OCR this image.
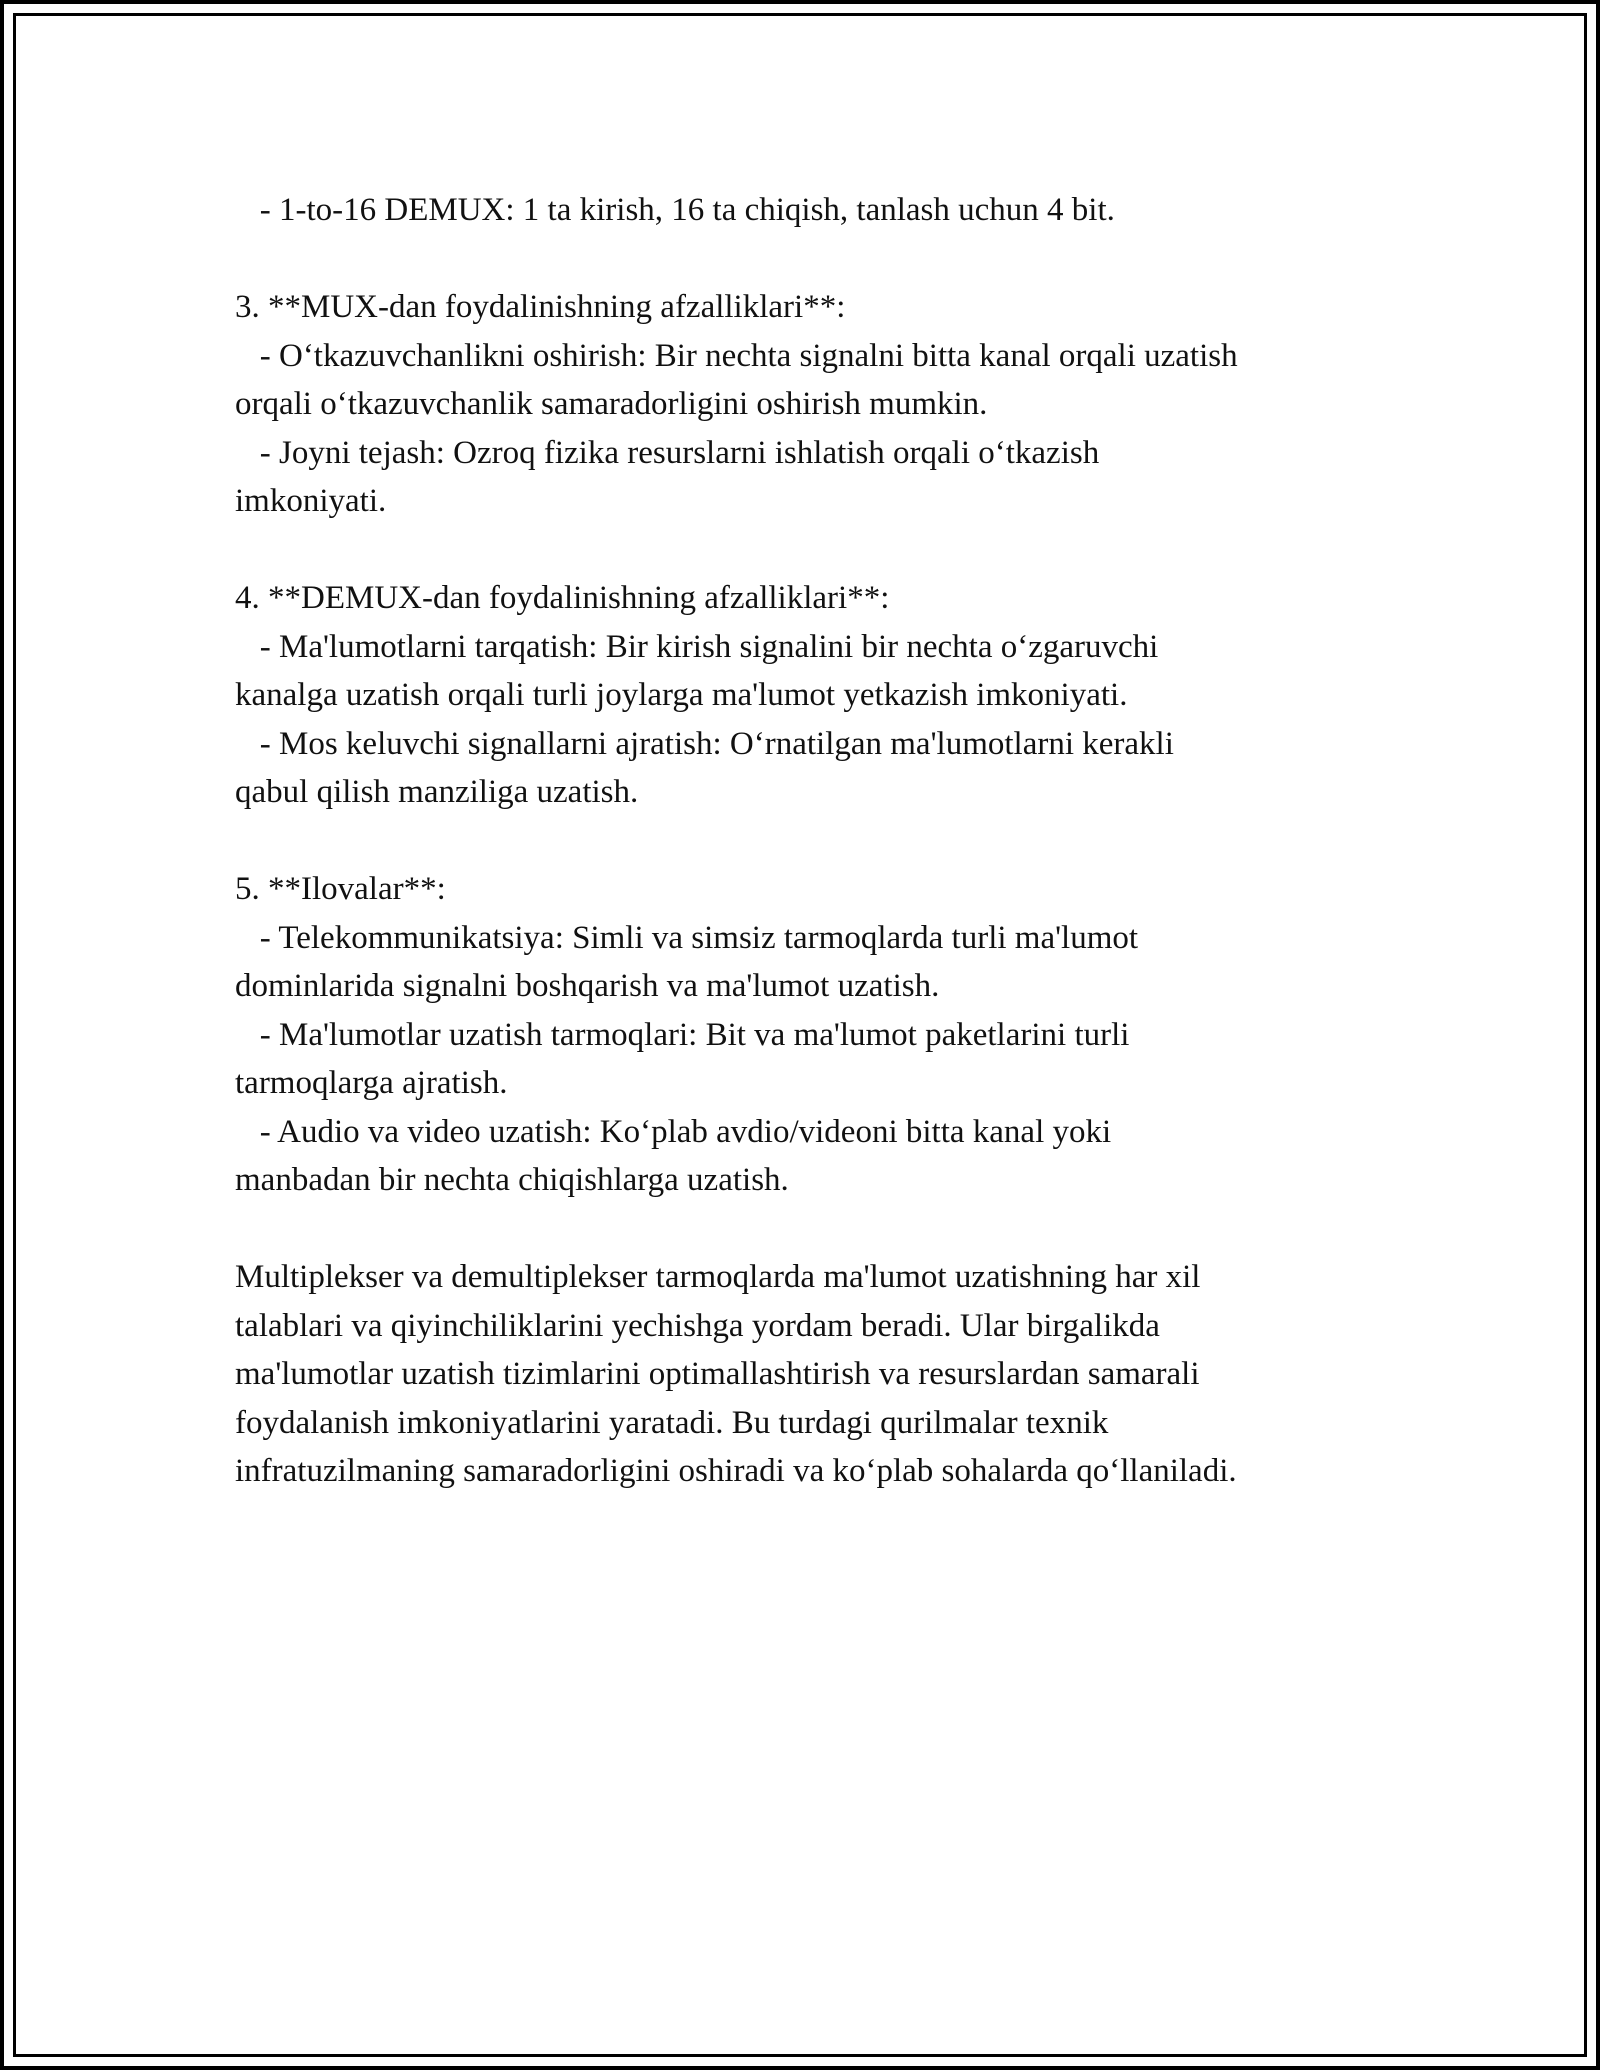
- 1-to-16 DEMUX: 1 ta kirish, 16 ta chiqish, tanlash uchun 4 bit.
3. **MUX-dan foydalinishning afzalliklari**:
- O‘tkazuvchanlikni oshirish: Bir nechta signalni bitta kanal orqali uzatish
orqali o‘tkazuvchanlik samaradorligini oshirish mumkin.
- Joyni tejash: Ozroq fizika resurslarni ishlatish orqali o‘tkazish
imkoniyati.
4. **DEMUX-dan foydalinishning afzalliklari**:
- Ma'lumotlarni tarqatish: Bir kirish signalini bir nechta o‘zgaruvchi
kanalga uzatish orqali turli joylarga ma'lumot yetkazish imkoniyati.
- Mos keluvchi signallarni ajratish: O‘rnatilgan ma'lumotlarni kerakli
qabul qilish manziliga uzatish.
5. **Ilovalar**:
- Telekommunikatsiya: Simli va simsiz tarmoqlarda turli ma'lumot
dominlarida signalni boshqarish va ma'lumot uzatish.
- Ma'lumotlar uzatish tarmoqlari: Bit va ma'lumot paketlarini turli
tarmoqlarga ajratish.
- Audio va video uzatish: Ko‘plab avdio/videoni bitta kanal yoki
manbadan bir nechta chiqishlarga uzatish.
Multiplekser va demultiplekser tarmoqlarda ma'lumot uzatishning har xil
talablari va qiyinchiliklarini yechishga yordam beradi. Ular birgalikda
ma'lumotlar uzatish tizimlarini optimallashtirish va resurslardan samarali
foydalanish imkoniyatlarini yaratadi. Bu turdagi qurilmalar texnik
infratuzilmaning samaradorligini oshiradi va ko‘plab sohalarda qo‘llaniladi.
